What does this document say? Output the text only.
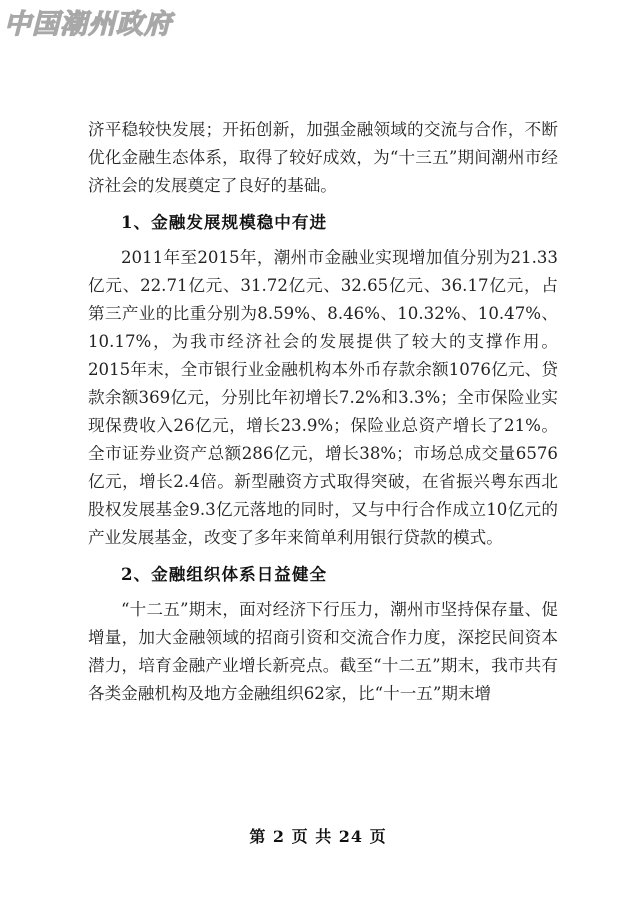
中国潮州政府

济平稳较快发展；开拓创新，加强金融领域的交流与合作，不断优化金融生态体系，取得了较好成效，为“十三五”期间潮州市经济社会的发展奠定了良好的基础。

1、金融发展规模稳中有进

2011年至2015年，潮州市金融业实现增加值分别为21.33亿元、22.71亿元、31.72亿元、32.65亿元、36.17亿元，占第三产业的比重分别为8.59%、8.46%、10.32%、10.47%、10.17%，为我市经济社会的发展提供了较大的支撑作用。2015年末，全市银行业金融机构本外币存款余额1076亿元、贷款余额369亿元，分别比年初增长7.2%和3.3%；全市保险业实现保费收入26亿元，增长23.9%；保险业总资产增长了21%。全市证券业资产总额286亿元，增长38%；市场总成交量6576亿元，增长2.4倍。新型融资方式取得突破，在省振兴粤东西北股权发展基金9.3亿元落地的同时，又与中行合作成立10亿元的产业发展基金，改变了多年来简单利用银行贷款的模式。

2、金融组织体系日益健全

“十二五”期末，面对经济下行压力，潮州市坚持保存量、促增量，加大金融领域的招商引资和交流合作力度，深挖民间资本潜力，培育金融产业增长新亮点。截至“十二五”期末，我市共有各类金融机构及地方金融组织62家，比“十一五”期末增

第 2 页 共 24 页
